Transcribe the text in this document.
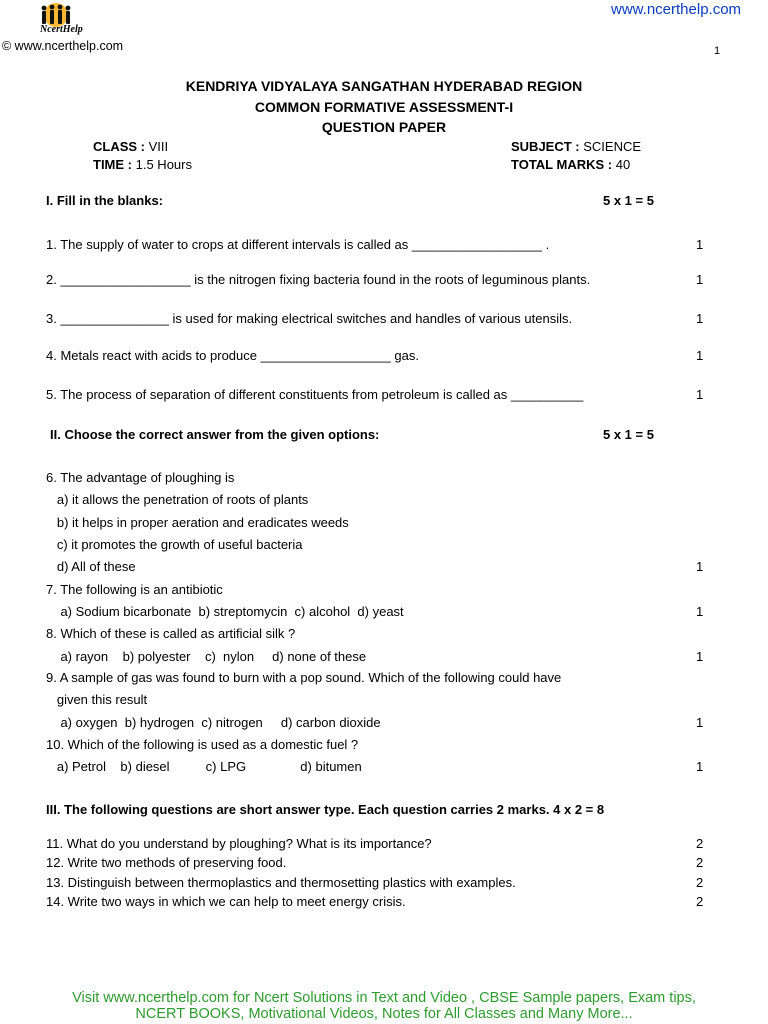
NcertHelp
© www.ncerthelp.com
www.ncerthelp.com
1
KENDRIYA VIDYALAYA SANGATHAN HYDERABAD REGION
COMMON FORMATIVE ASSESSMENT-I
QUESTION PAPER
CLASS : VIII
TIME : 1.5 Hours
SUBJECT : SCIENCE
TOTAL MARKS : 40
I. Fill in the blanks:	5 x 1 = 5
1. The supply of water to crops at different intervals is called as __________________ .	1
2. __________________ is the nitrogen fixing bacteria found in the roots of leguminous plants.	1
3. _______________ is used for making electrical switches and handles of various utensils.	1
4. Metals react with acids to produce __________________ gas.	1
5. The process of separation of different constituents from petroleum is called as __________	1
II. Choose the correct answer from the given options:	5 x 1 = 5
6. The advantage of ploughing is
a) it allows the penetration of roots of plants
b) it helps in proper aeration and eradicates weeds
c) it promotes the growth of useful bacteria
d) All of these	1
7. The following is an antibiotic
a) Sodium bicarbonate  b) streptomycin  c) alcohol  d) yeast	1
8. Which of these is called as artificial silk ?
a) rayon    b) polyester    c)  nylon     d) none of these	1
9. A sample of gas was found to burn with a pop sound. Which of the following could have
given this result
a) oxygen  b) hydrogen  c) nitrogen     d) carbon dioxide	1
10. Which of the following is used as a domestic fuel ?
a) Petrol    b) diesel          c) LPG               d) bitumen	1
III. The following questions are short answer type. Each question carries 2 marks. 4 x 2 = 8
11. What do you understand by ploughing? What is its importance?	2
12. Write two methods of preserving food.	2
13. Distinguish between thermoplastics and thermosetting plastics with examples.	2
14. Write two ways in which we can help to meet energy crisis.	2
Visit www.ncerthelp.com for Ncert Solutions in Text and Video , CBSE Sample papers, Exam tips,
NCERT BOOKS, Motivational Videos, Notes for All Classes and Many More...
